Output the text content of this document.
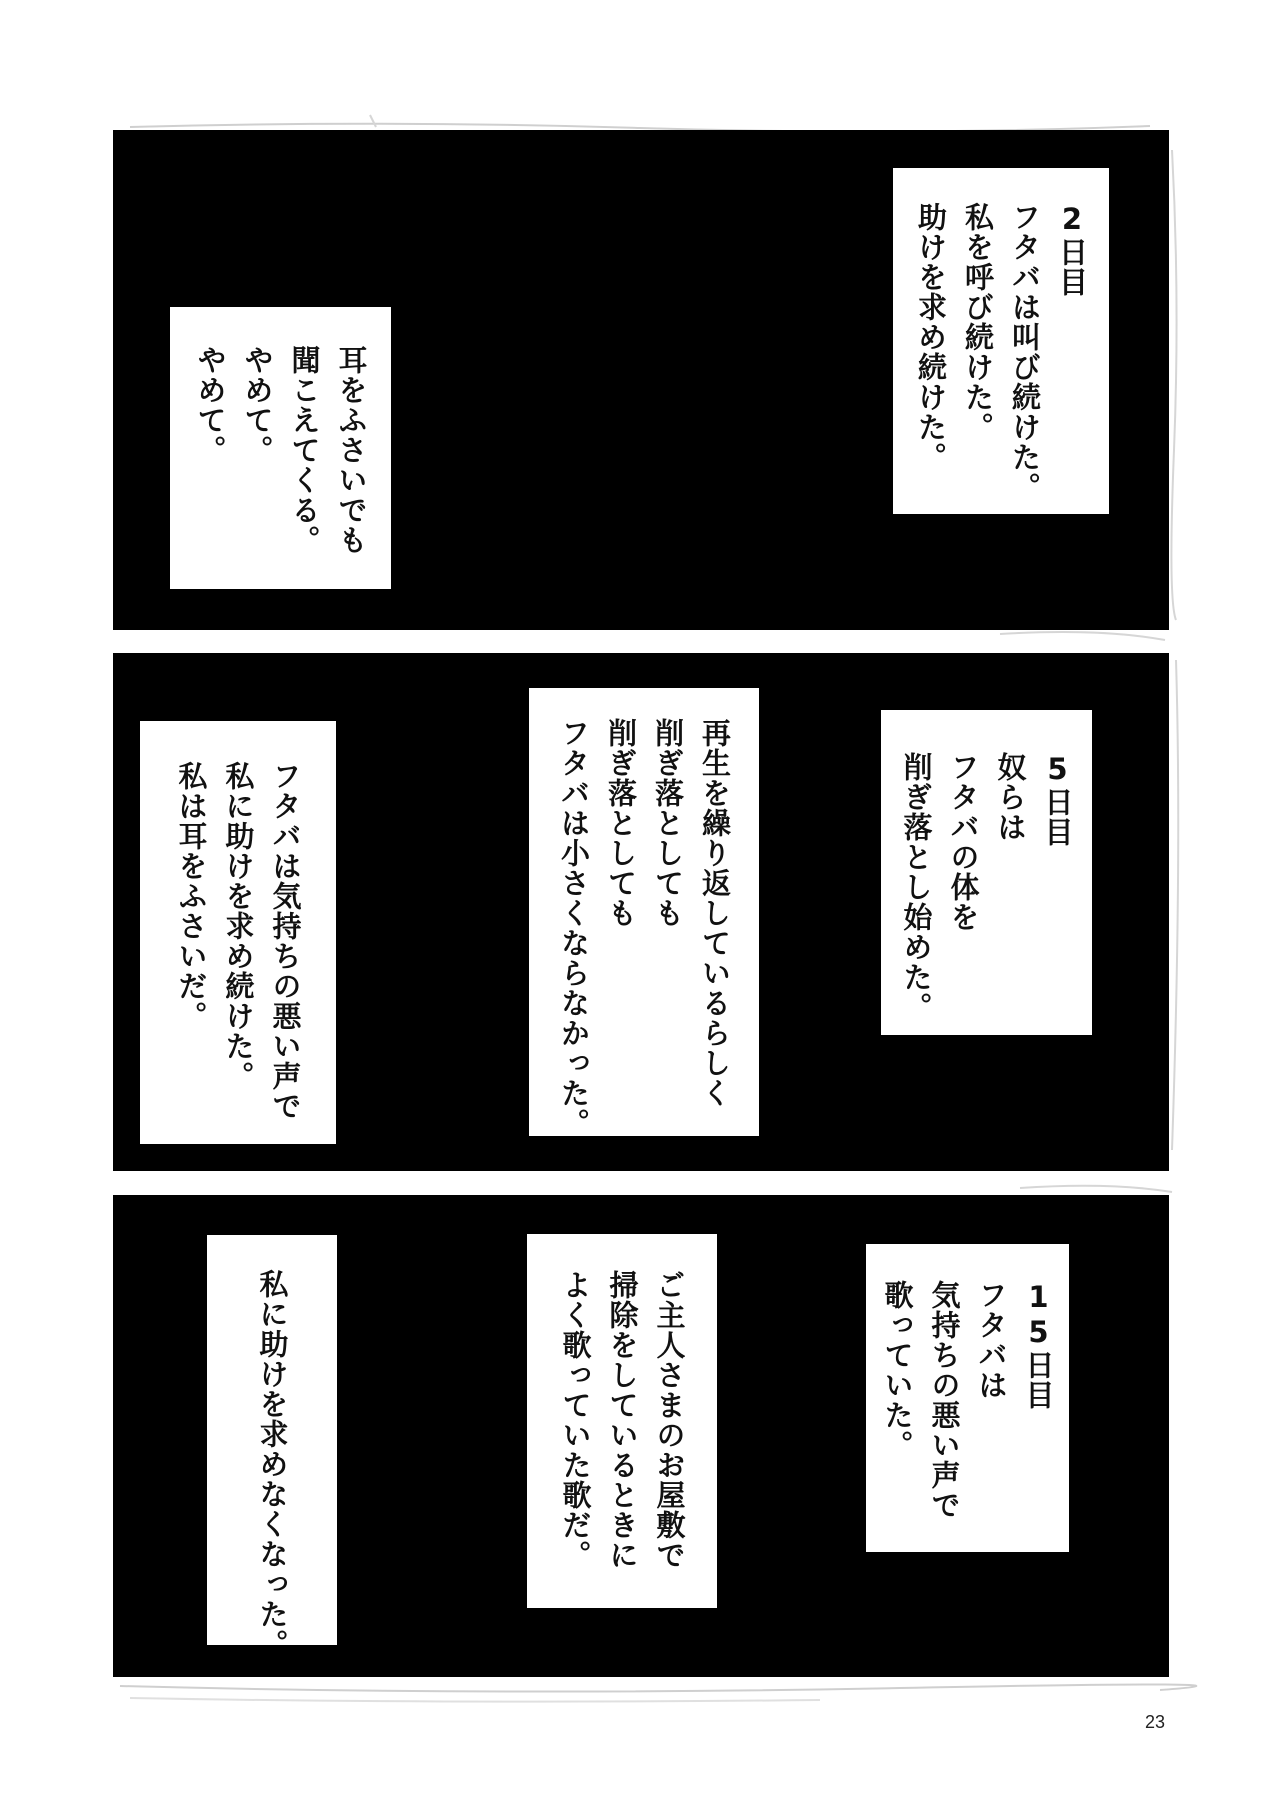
2日目
フタバは叫び続けた。
私を呼び続けた。
助けを求め続けた。

耳をふさいでも
聞こえてくる。
やめて。
やめて。

5日目
奴らは
フタバの体を
削ぎ落とし始めた。

再生を繰り返しているらしく
削ぎ落としても
削ぎ落としても
フタバは小さくならなかった。

フタバは気持ちの悪い声で
私に助けを求め続けた。
私は耳をふさいだ。

15日目
フタバは
気持ちの悪い声で
歌っていた。

ご主人さまのお屋敷で
掃除をしているときに
よく歌っていた歌だ。

私に助けを求めなくなった。

23
